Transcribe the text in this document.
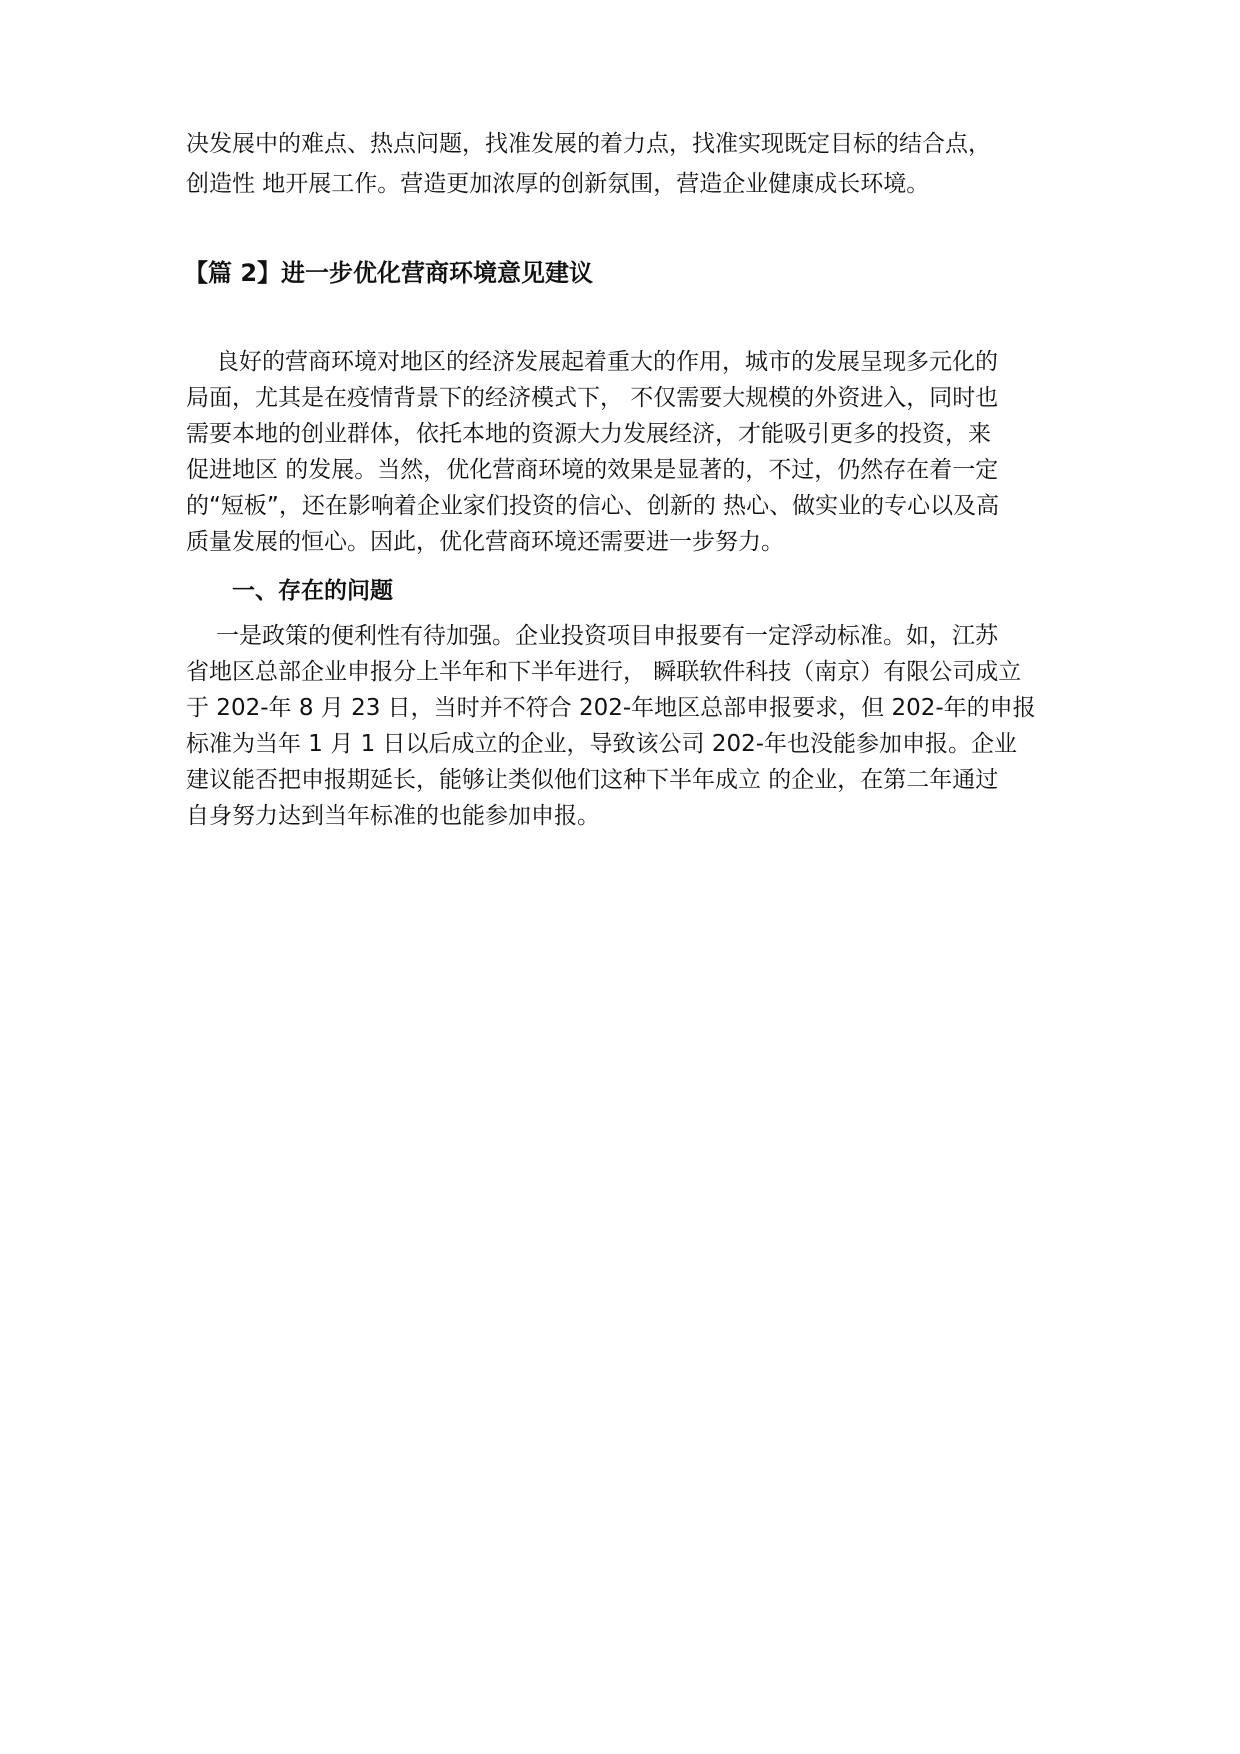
决发展中的难点、热点问题，找准发展的着力点，找准实现既定目标的结合点，
创造性 地开展工作。营造更加浓厚的创新氛围，营造企业健康成长环境。
【篇 2】进一步优化营商环境意见建议
良好的营商环境对地区的经济发展起着重大的作用，城市的发展呈现多元化的
局面，尤其是在疫情背景下的经济模式下， 不仅需要大规模的外资进入，同时也
需要本地的创业群体，依托本地的资源大力发展经济，才能吸引更多的投资，来
促进地区 的发展。当然，优化营商环境的效果是显著的，不过，仍然存在着一定
的“短板”，还在影响着企业家们投资的信心、创新的 热心、做实业的专心以及高
质量发展的恒心。因此，优化营商环境还需要进一步努力。
一、存在的问题
一是政策的便利性有待加强。企业投资项目申报要有一定浮动标准。如，江苏
省地区总部企业申报分上半年和下半年进行， 瞬联软件科技（南京）有限公司成立
于 202-年 8 月 23 日，当时并不符合 202-年地区总部申报要求，但 202-年的申报
标准为当年 1 月 1 日以后成立的企业，导致该公司 202-年也没能参加申报。企业
建议能否把申报期延长，能够让类似他们这种下半年成立 的企业，在第二年通过
自身努力达到当年标准的也能参加申报。
